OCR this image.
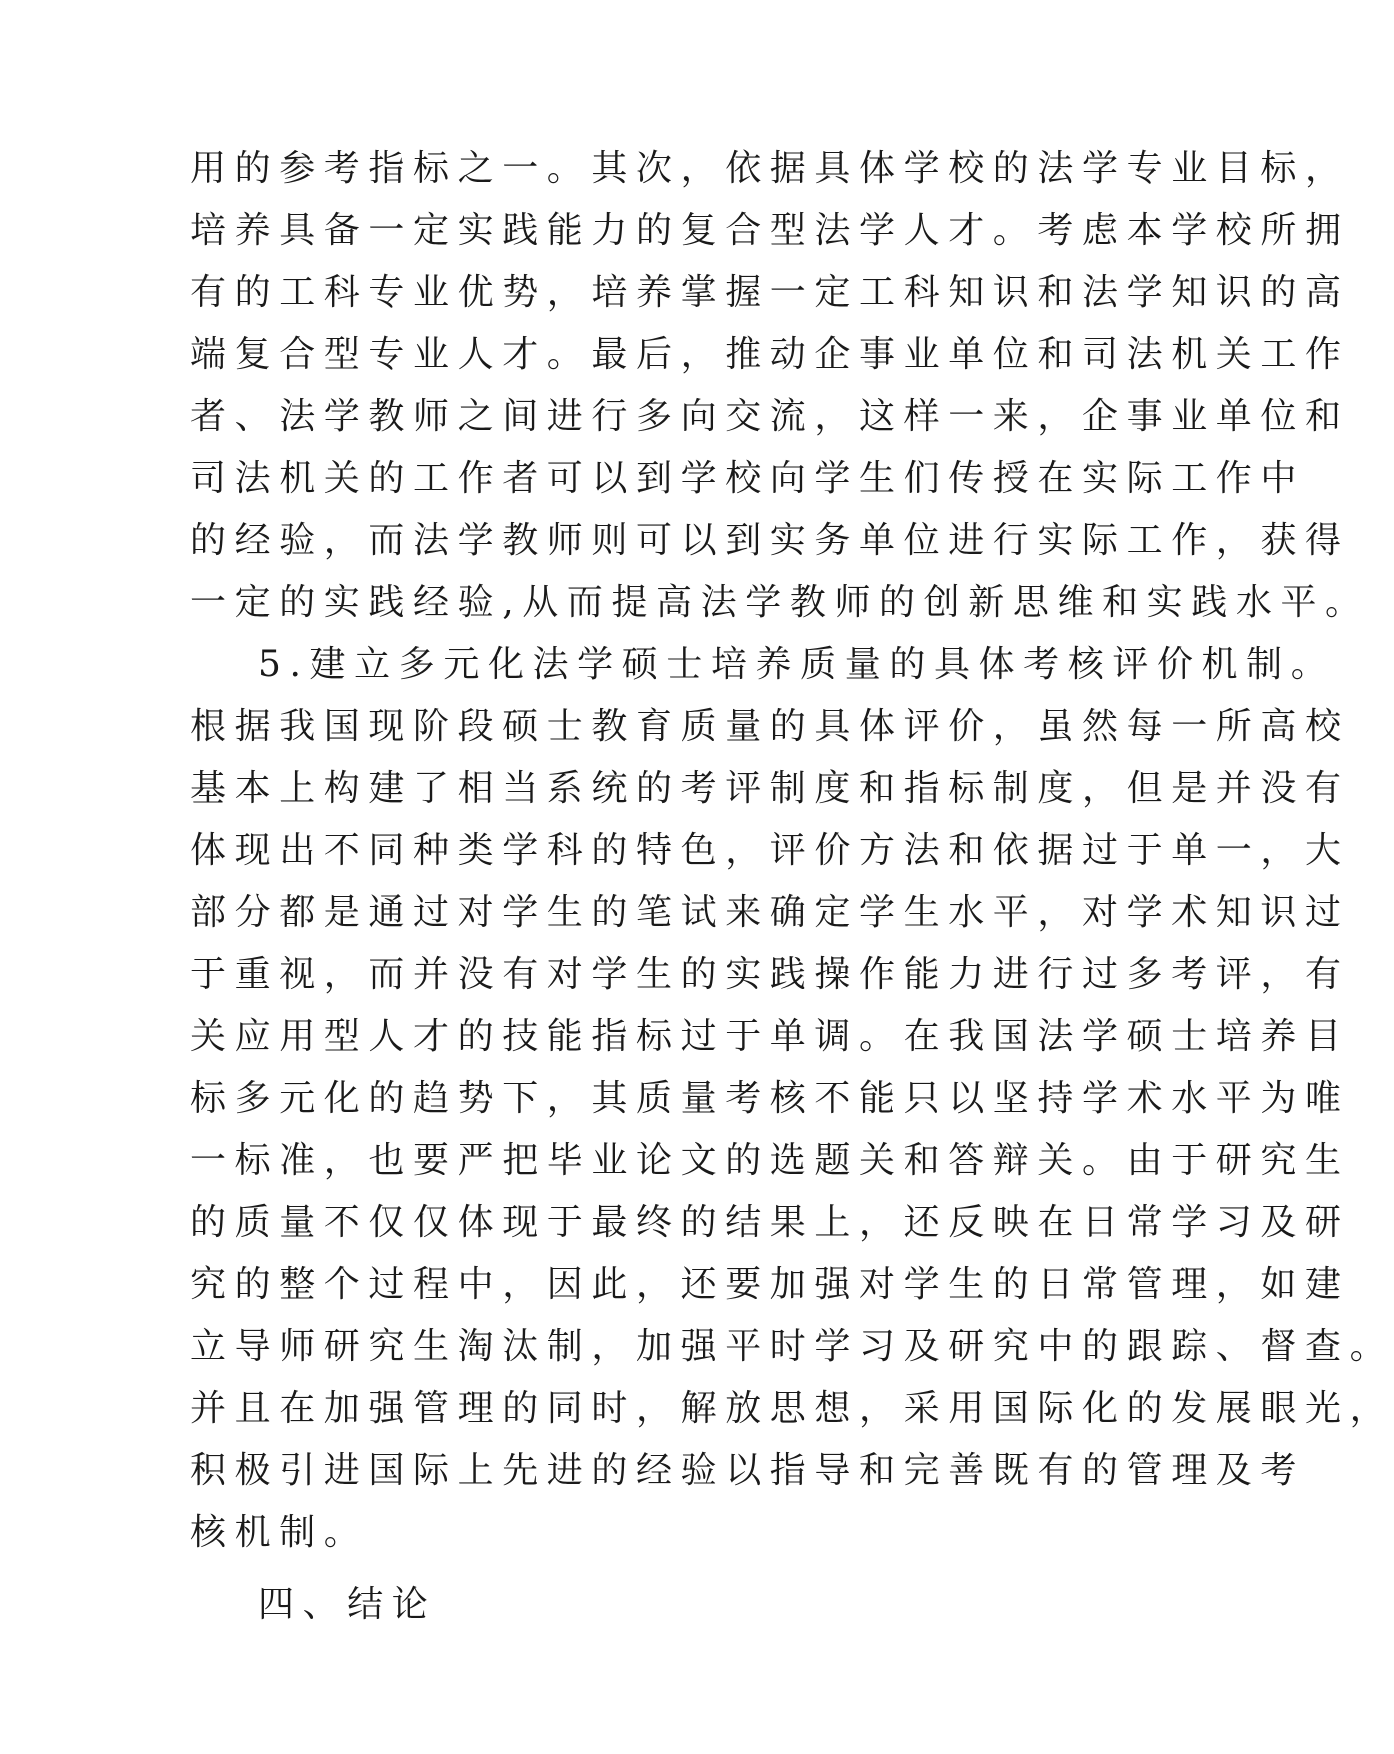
用的参考指标之一。其次，依据具体学校的法学专业目标，
培养具备一定实践能力的复合型法学人才。考虑本学校所拥
有的工科专业优势，培养掌握一定工科知识和法学知识的高
端复合型专业人才。最后，推动企事业单位和司法机关工作
者、法学教师之间进行多向交流，这样一来，企事业单位和
司法机关的工作者可以到学校向学生们传授在实际工作中
的经验，而法学教师则可以到实务单位进行实际工作，获得
一定的实践经验,从而提高法学教师的创新思维和实践水平。
5.建立多元化法学硕士培养质量的具体考核评价机制。
根据我国现阶段硕士教育质量的具体评价，虽然每一所高校
基本上构建了相当系统的考评制度和指标制度，但是并没有
体现出不同种类学科的特色，评价方法和依据过于单一，大
部分都是通过对学生的笔试来确定学生水平，对学术知识过
于重视，而并没有对学生的实践操作能力进行过多考评，有
关应用型人才的技能指标过于单调。在我国法学硕士培养目
标多元化的趋势下，其质量考核不能只以坚持学术水平为唯
一标准，也要严把毕业论文的选题关和答辩关。由于研究生
的质量不仅仅体现于最终的结果上，还反映在日常学习及研
究的整个过程中，因此，还要加强对学生的日常管理，如建
立导师研究生淘汰制，加强平时学习及研究中的跟踪、督查。
并且在加强管理的同时，解放思想，采用国际化的发展眼光，
积极引进国际上先进的经验以指导和完善既有的管理及考
核机制。
四、结论
